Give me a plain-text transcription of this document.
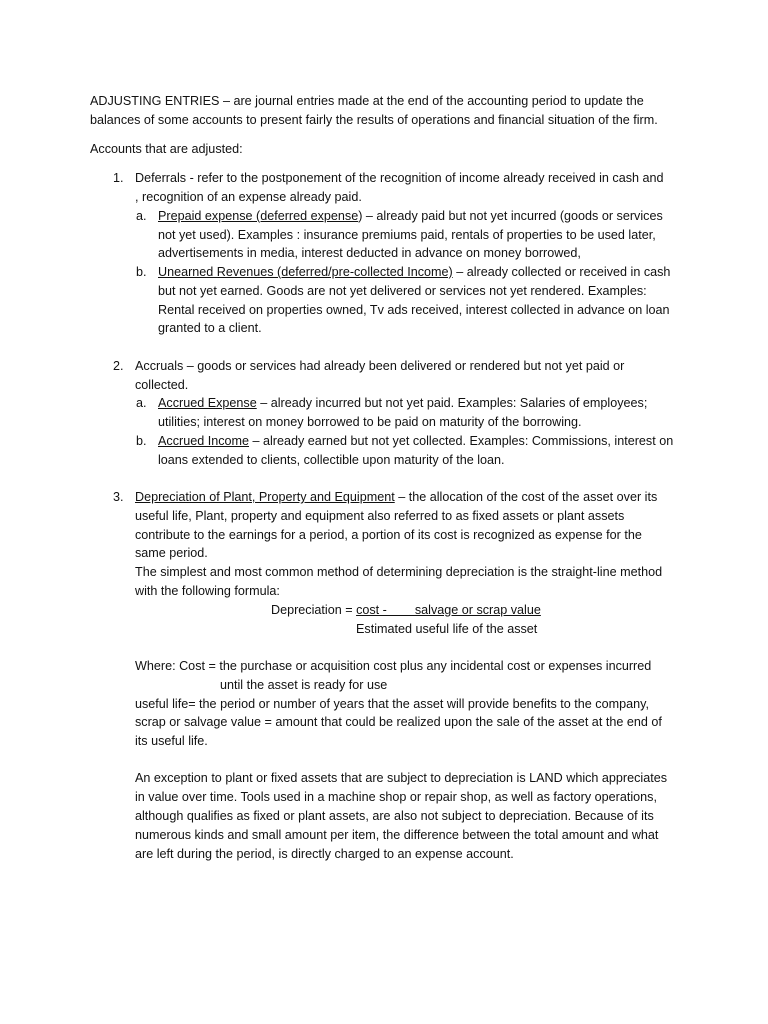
ADJUSTING ENTRIES – are journal entries made at the end of the accounting period to update the
balances of some accounts to present fairly the results of operations and financial situation of the firm.
Accounts that are adjusted:
1. Deferrals - refer to the postponement of the recognition of income already received in cash and
, recognition of an expense already paid.
a. Prepaid expense (deferred expense) – already paid but not yet incurred (goods or services
not yet used). Examples : insurance premiums paid, rentals of properties to be used later,
advertisements in media, interest deducted in advance on money borrowed,
b. Unearned Revenues (deferred/pre-collected Income) – already collected or received in cash
but not yet earned. Goods are not yet delivered or services not yet rendered. Examples:
Rental received on properties owned, Tv ads received, interest collected in advance on loan
granted to a client.
2. Accruals – goods or services had already been delivered or rendered but not yet paid or
collected.
a. Accrued Expense – already incurred but not yet paid. Examples: Salaries of employees;
utilities; interest on money borrowed to be paid on maturity of the borrowing.
b. Accrued Income – already earned but not yet collected. Examples: Commissions, interest on
loans extended to clients, collectible upon maturity of the loan.
3. Depreciation of Plant, Property and Equipment – the allocation of the cost of the asset over its
useful life, Plant, property and equipment also referred to as fixed assets or plant assets
contribute to the earnings for a period, a portion of its cost is recognized as expense for the
same period.
The simplest and most common method of determining depreciation is the straight-line method
with the following formula:
Depreciation = cost -        salvage or scrap value
Estimated useful life of the asset
Where: Cost = the purchase or acquisition cost plus any incidental cost or expenses incurred
until the asset is ready for use
useful life= the period or number of years that the asset will provide benefits to the company,
scrap or salvage value = amount that could be realized upon the sale of the asset at the end of
its useful life.
An exception to plant or fixed assets that are subject to depreciation is LAND which appreciates
in value over time. Tools used in a machine shop or repair shop, as well as factory operations,
although qualifies as fixed or plant assets, are also not subject to depreciation. Because of its
numerous kinds and small amount per item, the difference between the total amount and what
are left during the period, is directly charged to an expense account.
